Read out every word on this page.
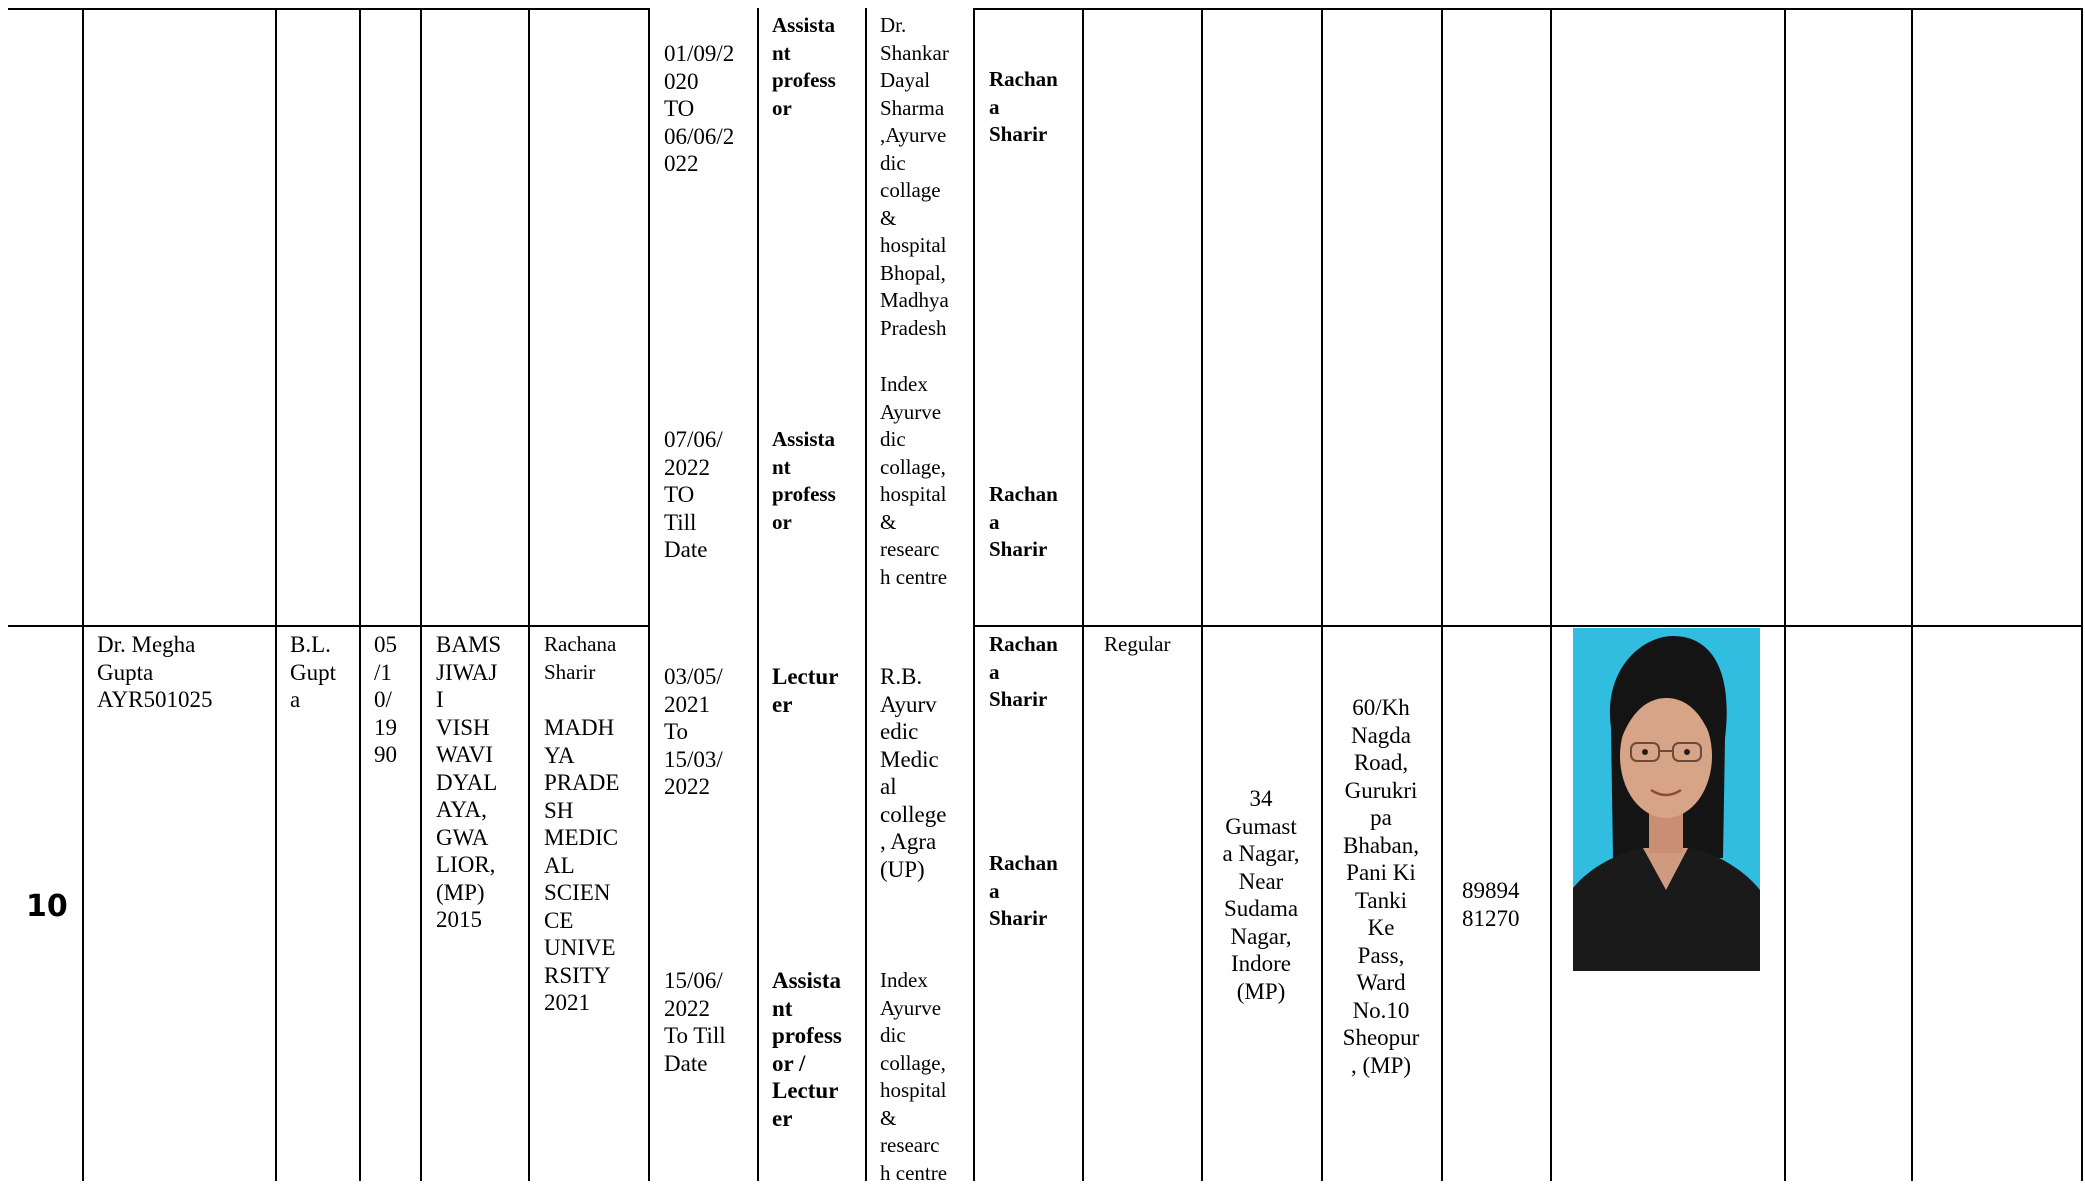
01/09/2
020
TO
06/06/2
022
Assista
nt
profess
or
Dr.
Shankar
Dayal
Sharma
,Ayurve
dic
collage
&
hospital
Bhopal,
Madhya
Pradesh
Rachan
a
Sharir
07/06/
2022
TO
Till
Date
Assista
nt
profess
or
Index
Ayurve
dic
collage,
hospital
&
researc
h centre
Rachan
a
Sharir
10
Dr. Megha
Gupta
AYR501025
B.L.
Gupt
a
05
/1
0/
19
90
BAMS
JIWAJ
I
VISH
WAVI
DYAL
AYA,
GWA
LIOR,
(MP)
2015
Rachana
Sharir
MADH
YA
PRADE
SH
MEDIC
AL
SCIEN
CE
UNIVE
RSITY
2021
03/05/
2021
To
15/03/
2022
Lectur
er
R.B.
Ayurv
edic
Medic
al
college
, Agra
(UP)
Rachan
a
Sharir
15/06/
2022
To Till
Date
Assista
nt
profess
or /
Lectur
er
Index
Ayurve
dic
collage,
hospital
&
researc
h centre
Rachan
a
Sharir
Regular
34
Gumast
a Nagar,
Near
Sudama
Nagar,
Indore
(MP)
60/Kh
Nagda
Road,
Gurukri
pa
Bhaban,
Pani Ki
Tanki
Ke
Pass,
Ward
No.10
Sheopur
, (MP)
89894
81270
